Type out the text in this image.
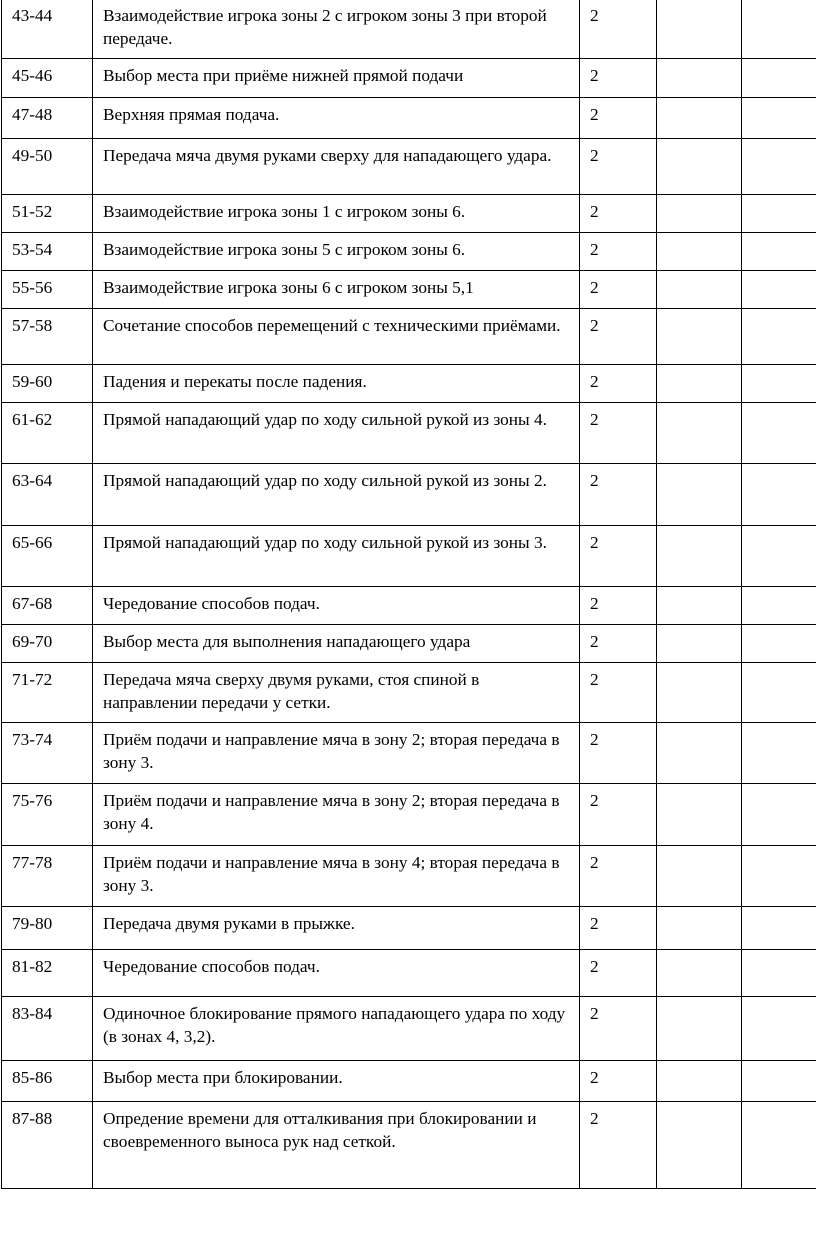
43-44	Взаимодействие игрока зоны 2 с игроком зоны 3 при второй передаче.	2		
45-46	Выбор места при приёме нижней прямой подачи	2		
47-48	Верхняя прямая подача.	2		
49-50	Передача мяча двумя руками сверху для нападающего удара.	2		
51-52	Взаимодействие игрока зоны 1 с игроком зоны 6.	2		
53-54	Взаимодействие игрока зоны 5 с игроком зоны 6.	2		
55-56	Взаимодействие игрока зоны 6 с игроком зоны 5,1	2		
57-58	Сочетание способов перемещений с техническими приёмами.	2		
59-60	Падения и перекаты после падения.	2		
61-62	Прямой нападающий удар по ходу сильной рукой из зоны 4.	2		
63-64	Прямой нападающий удар по ходу сильной рукой из зоны 2.	2		
65-66	Прямой нападающий удар по ходу сильной рукой из зоны 3.	2		
67-68	Чередование способов подач.	2		
69-70	Выбор места для выполнения нападающего удара	2		
71-72	Передача мяча сверху двумя руками, стоя спиной в направлении передачи у сетки.	2		
73-74	Приём подачи и направление мяча в зону 2; вторая передача в зону 3.	2		
75-76	Приём подачи и направление мяча в зону 2; вторая передача в зону 4.	2		
77-78	Приём подачи и направление мяча в зону 4; вторая передача в зону 3.	2		
79-80	Передача двумя руками в прыжке.	2		
81-82	Чередование способов подач.	2		
83-84	Одиночное блокирование прямого нападающего удара по ходу (в зонах 4, 3,2).	2		
85-86	Выбор места при блокировании.	2		
87-88	Опредение времени для отталкивания при блокировании и своевременного выноса рук над сеткой.	2		
